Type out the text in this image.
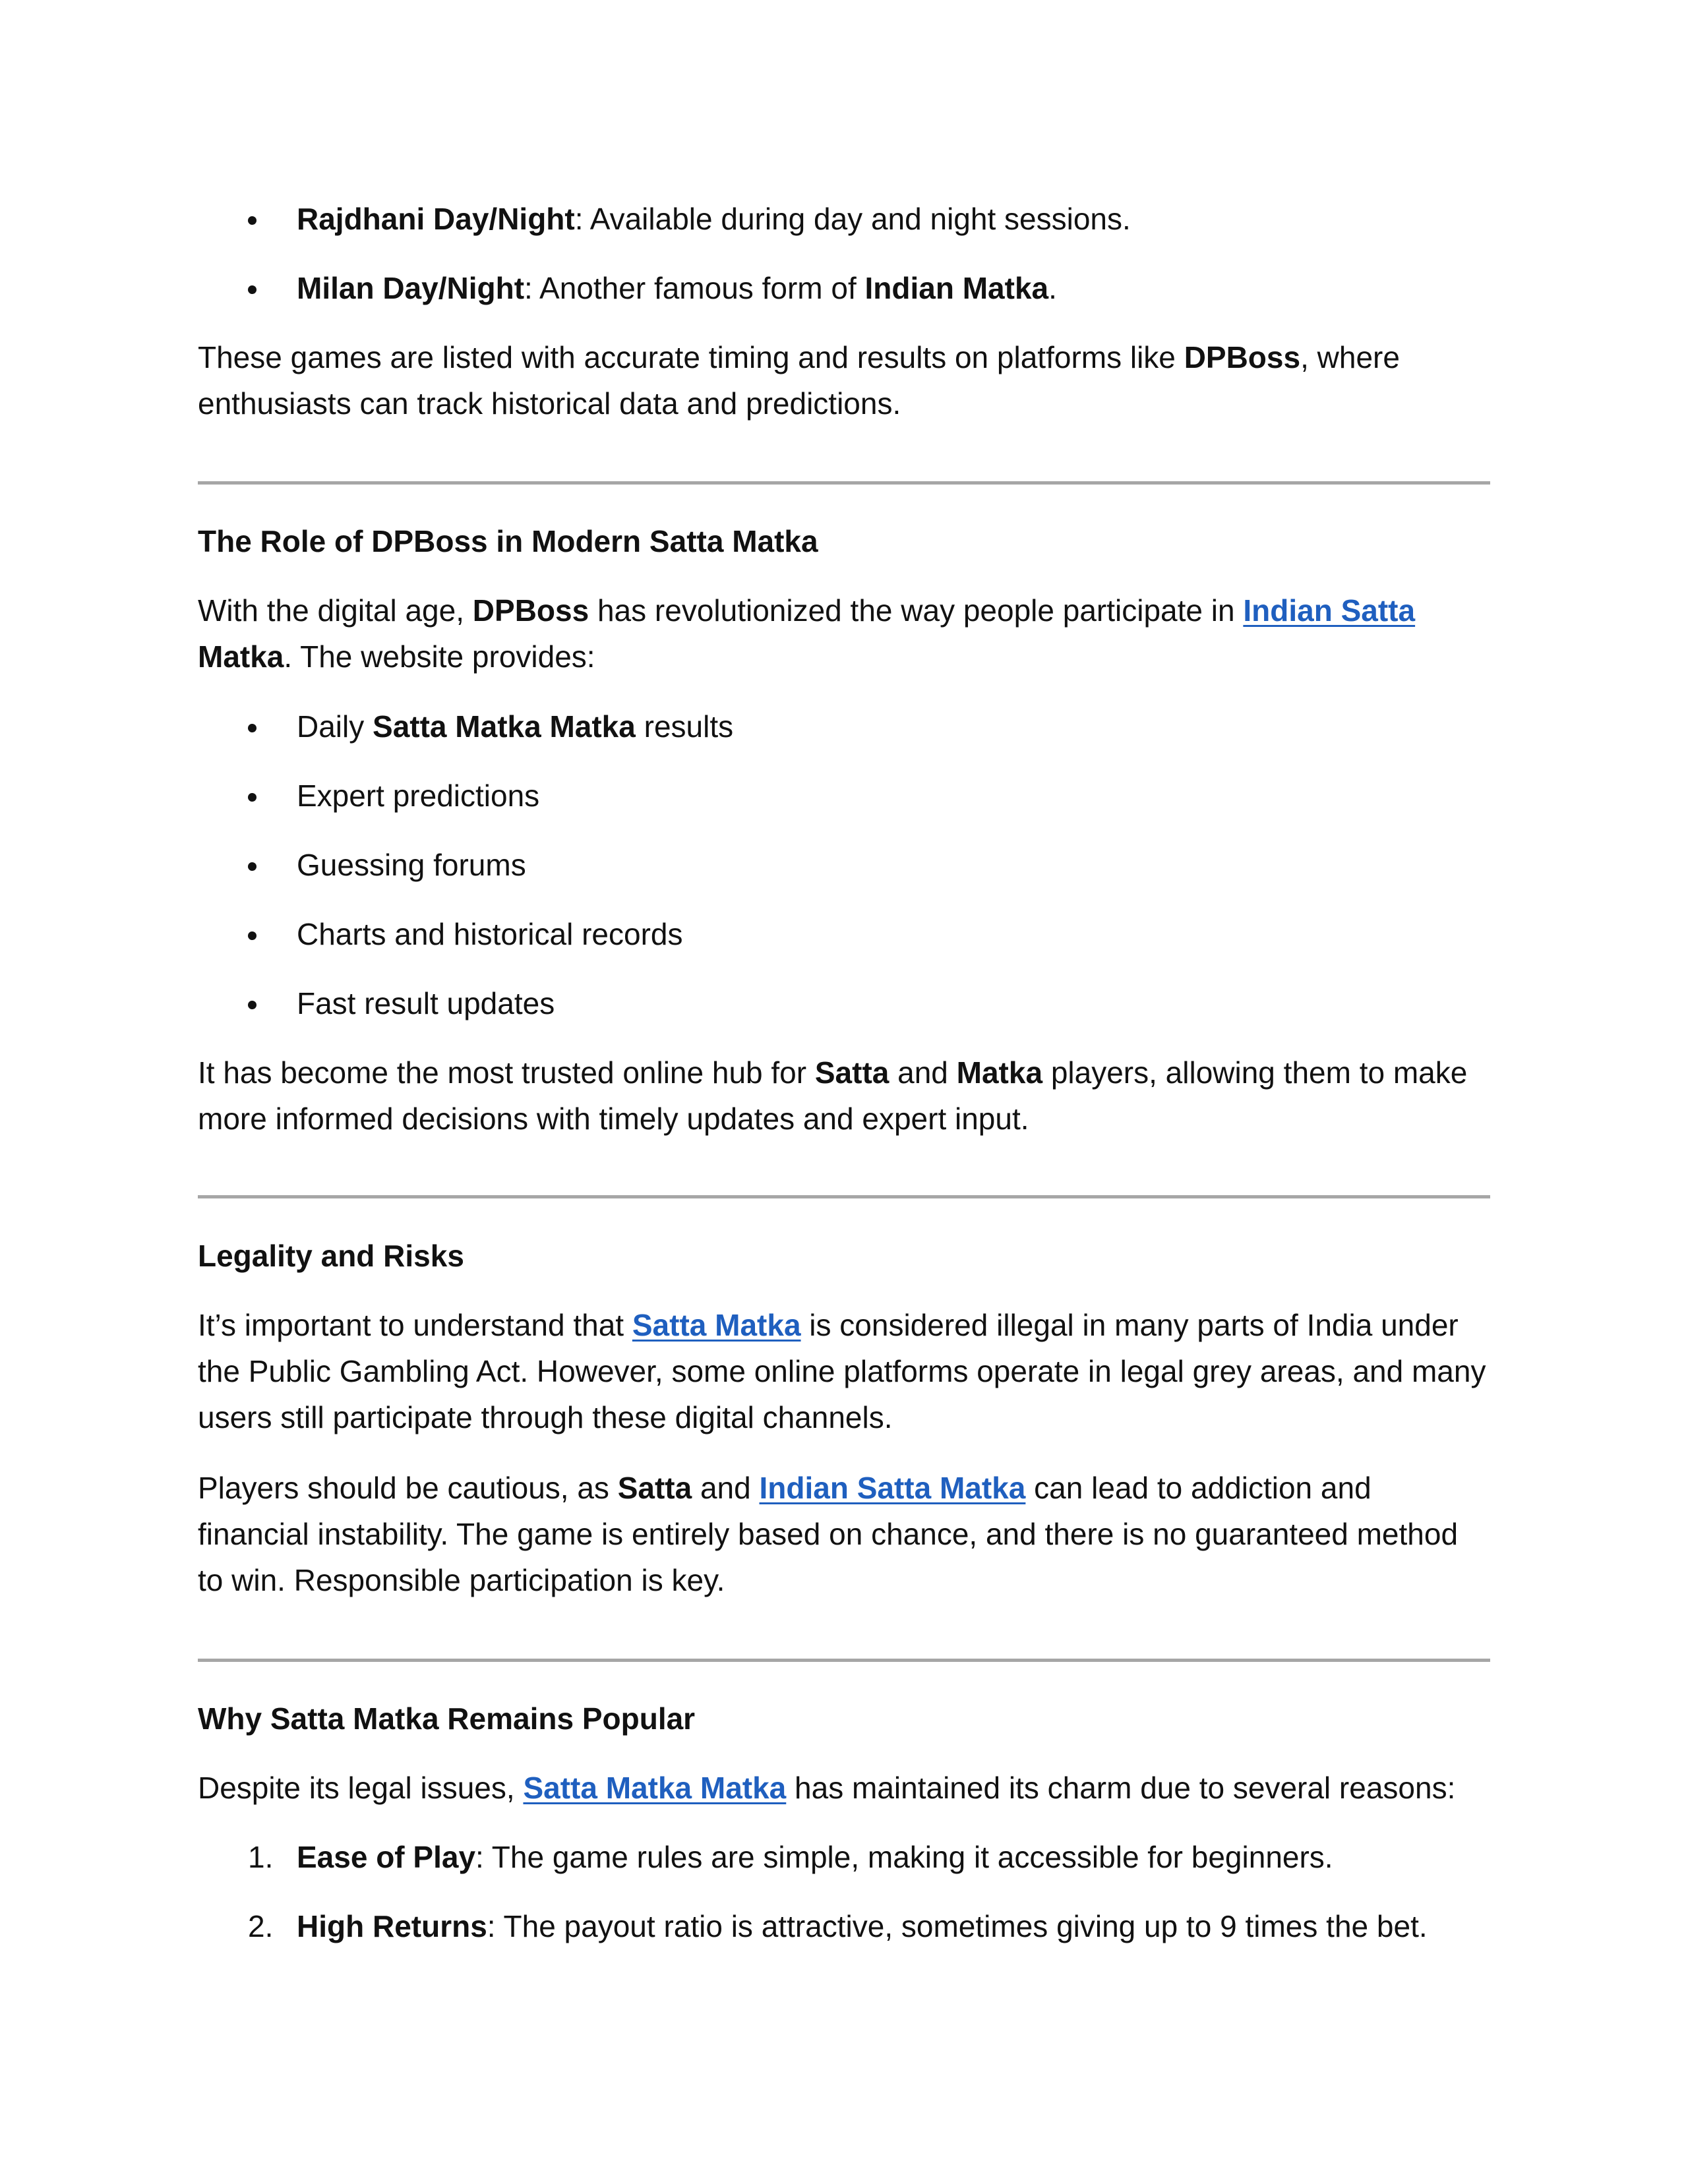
Rajdhani Day/Night: Available during day and night sessions.
Milan Day/Night: Another famous form of Indian Matka.
These games are listed with accurate timing and results on platforms like DPBoss, where enthusiasts can track historical data and predictions.
The Role of DPBoss in Modern Satta Matka
With the digital age, DPBoss has revolutionized the way people participate in Indian Satta
Matka. The website provides:
Daily Satta Matka Matka results
Expert predictions
Guessing forums
Charts and historical records
Fast result updates
It has become the most trusted online hub for Satta and Matka players, allowing them to make more informed decisions with timely updates and expert input.
Legality and Risks
It’s important to understand that Satta Matka is considered illegal in many parts of India under the Public Gambling Act. However, some online platforms operate in legal grey areas, and many users still participate through these digital channels.
Players should be cautious, as Satta and Indian Satta Matka can lead to addiction and financial instability. The game is entirely based on chance, and there is no guaranteed method to win. Responsible participation is key.
Why Satta Matka Remains Popular
Despite its legal issues, Satta Matka Matka has maintained its charm due to several reasons:
1. Ease of Play: The game rules are simple, making it accessible for beginners.
2. High Returns: The payout ratio is attractive, sometimes giving up to 9 times the bet.
